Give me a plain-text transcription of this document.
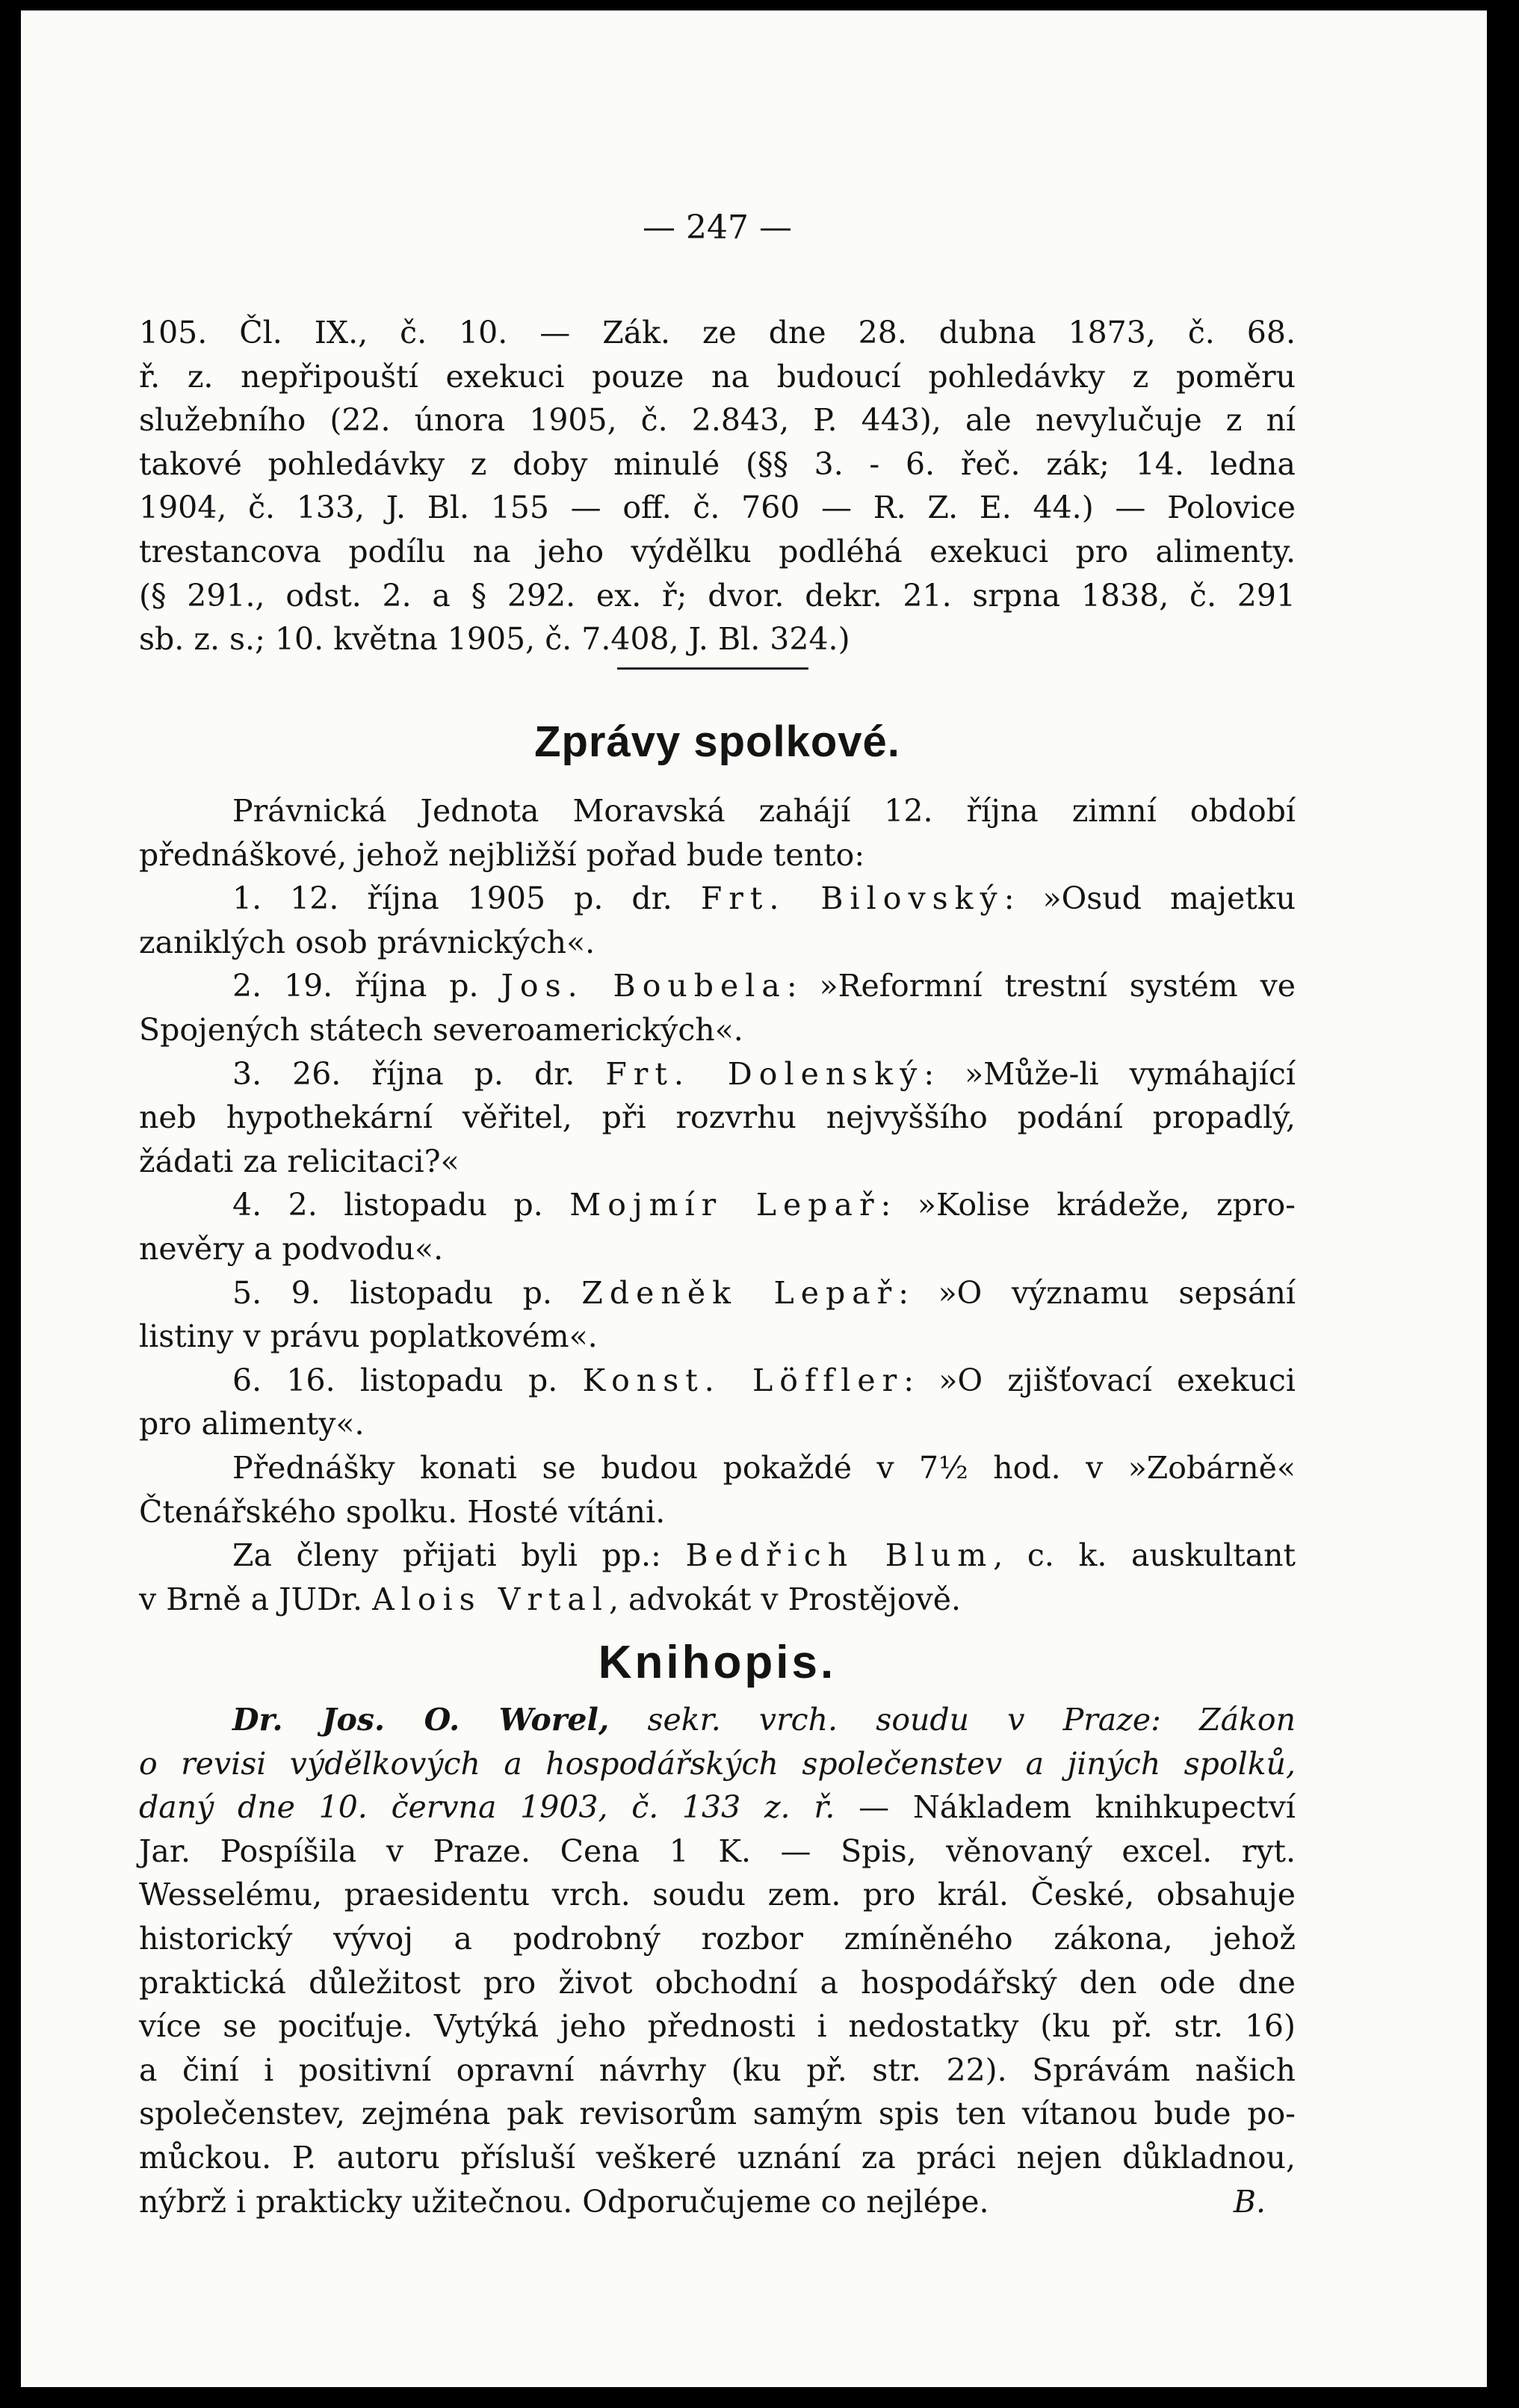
— 247 —
105. Čl. IX., č. 10. — Zák. ze dne 28. dubna 1873, č. 68.
ř. z. nepřipouští exekuci pouze na budoucí pohledávky z poměru
služebního (22. února 1905, č. 2.843, P. 443), ale nevylučuje z ní
takové pohledávky z doby minulé (§§ 3. - 6. řeč. zák; 14. ledna
1904, č. 133, J. Bl. 155 — off. č. 760 — R. Z. E. 44.) — Polovice
trestancova podílu na jeho výdělku podléhá exekuci pro alimenty.
(§ 291., odst. 2. a § 292. ex. ř; dvor. dekr. 21. srpna 1838, č. 291
sb. z. s.; 10. května 1905, č. 7.408, J. Bl. 324.)
Zprávy spolkové.
Právnická Jednota Moravská zahájí 12. října zimní období
přednáškové, jehož nejbližší pořad bude tento:
1. 12. října 1905 p. dr. Frt. Bilovský: »Osud majetku
zaniklých osob právnických«.
2. 19. října p. Jos. Boubela: »Reformní trestní systém ve
Spojených státech severoamerických«.
3. 26. října p. dr. Frt. Dolenský: »Může-li vymáhající
neb hypothekární věřitel, při rozvrhu nejvyššího podání propadlý,
žádati za relicitaci?«
4. 2. listopadu p. Mojmír Lepař: »Kolise krádeže, zpro-
nevěry a podvodu«.
5. 9. listopadu p. Zdeněk Lepař: »O významu sepsání
listiny v právu poplatkovém«.
6. 16. listopadu p. Konst. Löffler: »O zjišťovací exekuci
pro alimenty«.
Přednášky konati se budou pokaždé v 7½ hod. v »Zobárně«
Čtenářského spolku. Hosté vítáni.
Za členy přijati byli pp.: Bedřich Blum, c. k. auskultant
v Brně a JUDr. Alois Vrtal, advokát v Prostějově.
Knihopis.
Dr. Jos. O. Worel, sekr. vrch. soudu v Praze: Zákon
o revisi výdělkových a hospodářských společenstev a jiných spolků,
daný dne 10. června 1903, č. 133 z. ř. — Nákladem knihkupectví
Jar. Pospíšila v Praze. Cena 1 K. — Spis, věnovaný excel. ryt.
Wesselému, praesidentu vrch. soudu zem. pro král. České, obsahuje
historický vývoj a podrobný rozbor zmíněného zákona, jehož
praktická důležitost pro život obchodní a hospodářský den ode dne
více se pociťuje. Vytýká jeho přednosti i nedostatky (ku př. str. 16)
a činí i positivní opravní návrhy (ku př. str. 22). Správám našich
společenstev, zejména pak revisorům samým spis ten vítanou bude po-
můckou. P. autoru přísluší veškeré uznání za práci nejen důkladnou,
nýbrž i prakticky užitečnou. Odporučujeme co nejlépe.	B.
